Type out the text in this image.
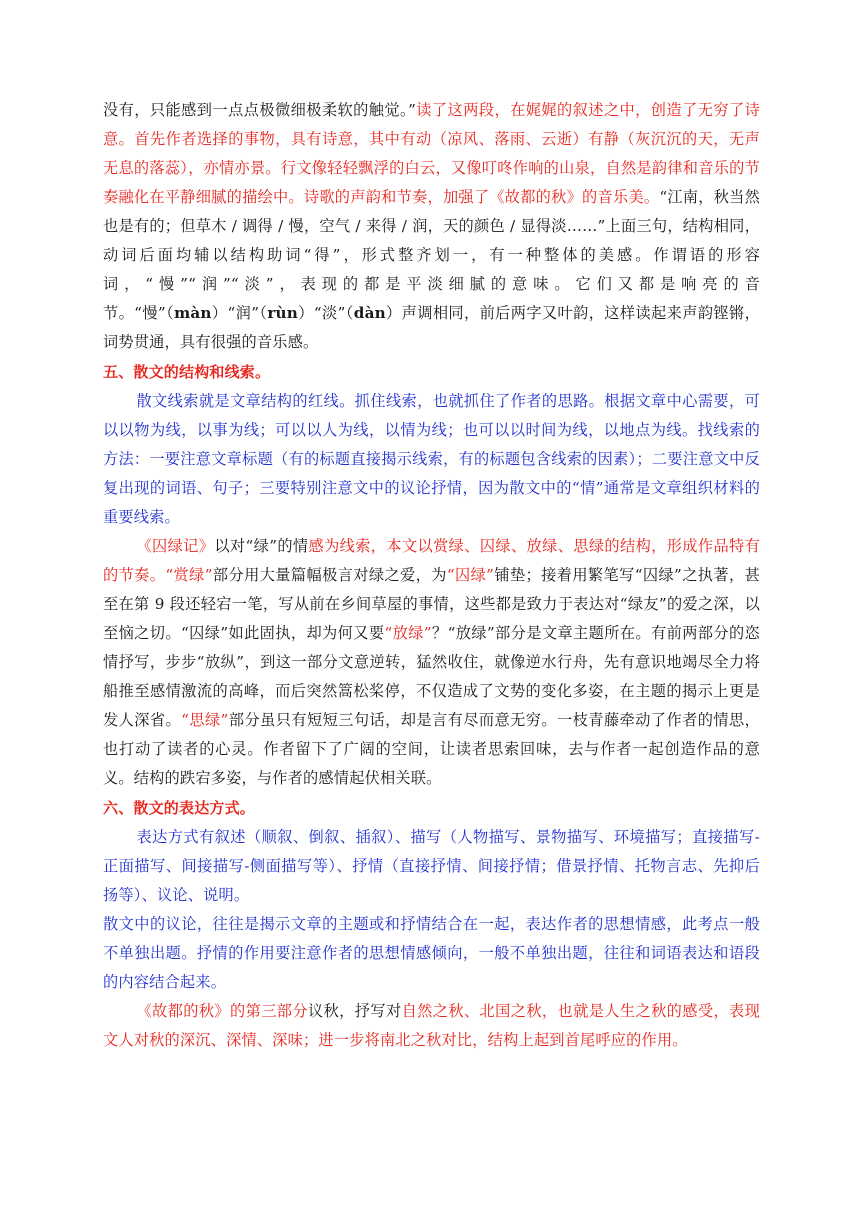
没有，只能感到一点点极微细极柔软的触觉。”读了这两段，在娓娓的叙述之中，创造了无穷了诗意。首先作者选择的事物，具有诗意，其中有动（凉风、落雨、云逝）有静（灰沉沉的天，无声无息的落蕊），亦情亦景。行文像轻轻飘浮的白云，又像叮咚作响的山泉，自然是韵律和音乐的节奏融化在平静细腻的描绘中。诗歌的声韵和节奏，加强了《故都的秋》的音乐美。“江南，秋当然也是有的；但草木 / 调得 / 慢，空气 / 来得 / 润，天的颜色 / 显得淡……”上面三句，结构相同，动词后面均辅以结构助词“得”，形式整齐划一，有一种整体的美感。作谓语的形容词，“慢”“润”“淡”，表现的都是平淡细腻的意味。它们又都是响亮的音节。“慢”（màn）“润”（rùn）“淡”（dàn）声调相同，前后两字又叶韵，这样读起来声韵铿锵，词势贯通，具有很强的音乐感。

五、散文的结构和线索。

散文线索就是文章结构的红线。抓住线索，也就抓住了作者的思路。根据文章中心需要，可以以物为线，以事为线；可以以人为线，以情为线；也可以以时间为线，以地点为线。找线索的方法：一要注意文章标题（有的标题直接揭示线索，有的标题包含线索的因素）；二要注意文中反复出现的词语、句子；三要特别注意文中的议论抒情，因为散文中的“情”通常是文章组织材料的重要线索。

《囚绿记》以对“绿”的情感为线索，本文以赏绿、囚绿、放绿、思绿的结构，形成作品特有的节奏。“赏绿”部分用大量篇幅极言对绿之爱，为“囚绿”铺垫；接着用繁笔写“囚绿”之执著，甚至在第 9 段还轻宕一笔，写从前在乡间草屋的事情，这些都是致力于表达对“绿友”的爱之深，以至恼之切。“囚绿”如此固执，却为何又要“放绿”？“放绿”部分是文章主题所在。有前两部分的恣情抒写，步步“放纵”，到这一部分文意逆转，猛然收住，就像逆水行舟，先有意识地竭尽全力将船推至感情激流的高峰，而后突然篙松桨停，不仅造成了文势的变化多姿，在主题的揭示上更是发人深省。“思绿”部分虽只有短短三句话，却是言有尽而意无穷。一枝青藤牵动了作者的情思，也打动了读者的心灵。作者留下了广阔的空间，让读者思索回味，去与作者一起创造作品的意义。结构的跌宕多姿，与作者的感情起伏相关联。

六、散文的表达方式。

表达方式有叙述（顺叙、倒叙、插叙）、描写（人物描写、景物描写、环境描写；直接描写-正面描写、间接描写-侧面描写等）、抒情（直接抒情、间接抒情；借景抒情、托物言志、先抑后扬等）、议论、说明。

散文中的议论，往往是揭示文章的主题或和抒情结合在一起，表达作者的思想情感，此考点一般不单独出题。抒情的作用要注意作者的思想情感倾向，一般不单独出题，往往和词语表达和语段的内容结合起来。

《故都的秋》的第三部分议秋，抒写对自然之秋、北国之秋，也就是人生之秋的感受，表现文人对秋的深沉、深情、深味；进一步将南北之秋对比，结构上起到首尾呼应的作用。
